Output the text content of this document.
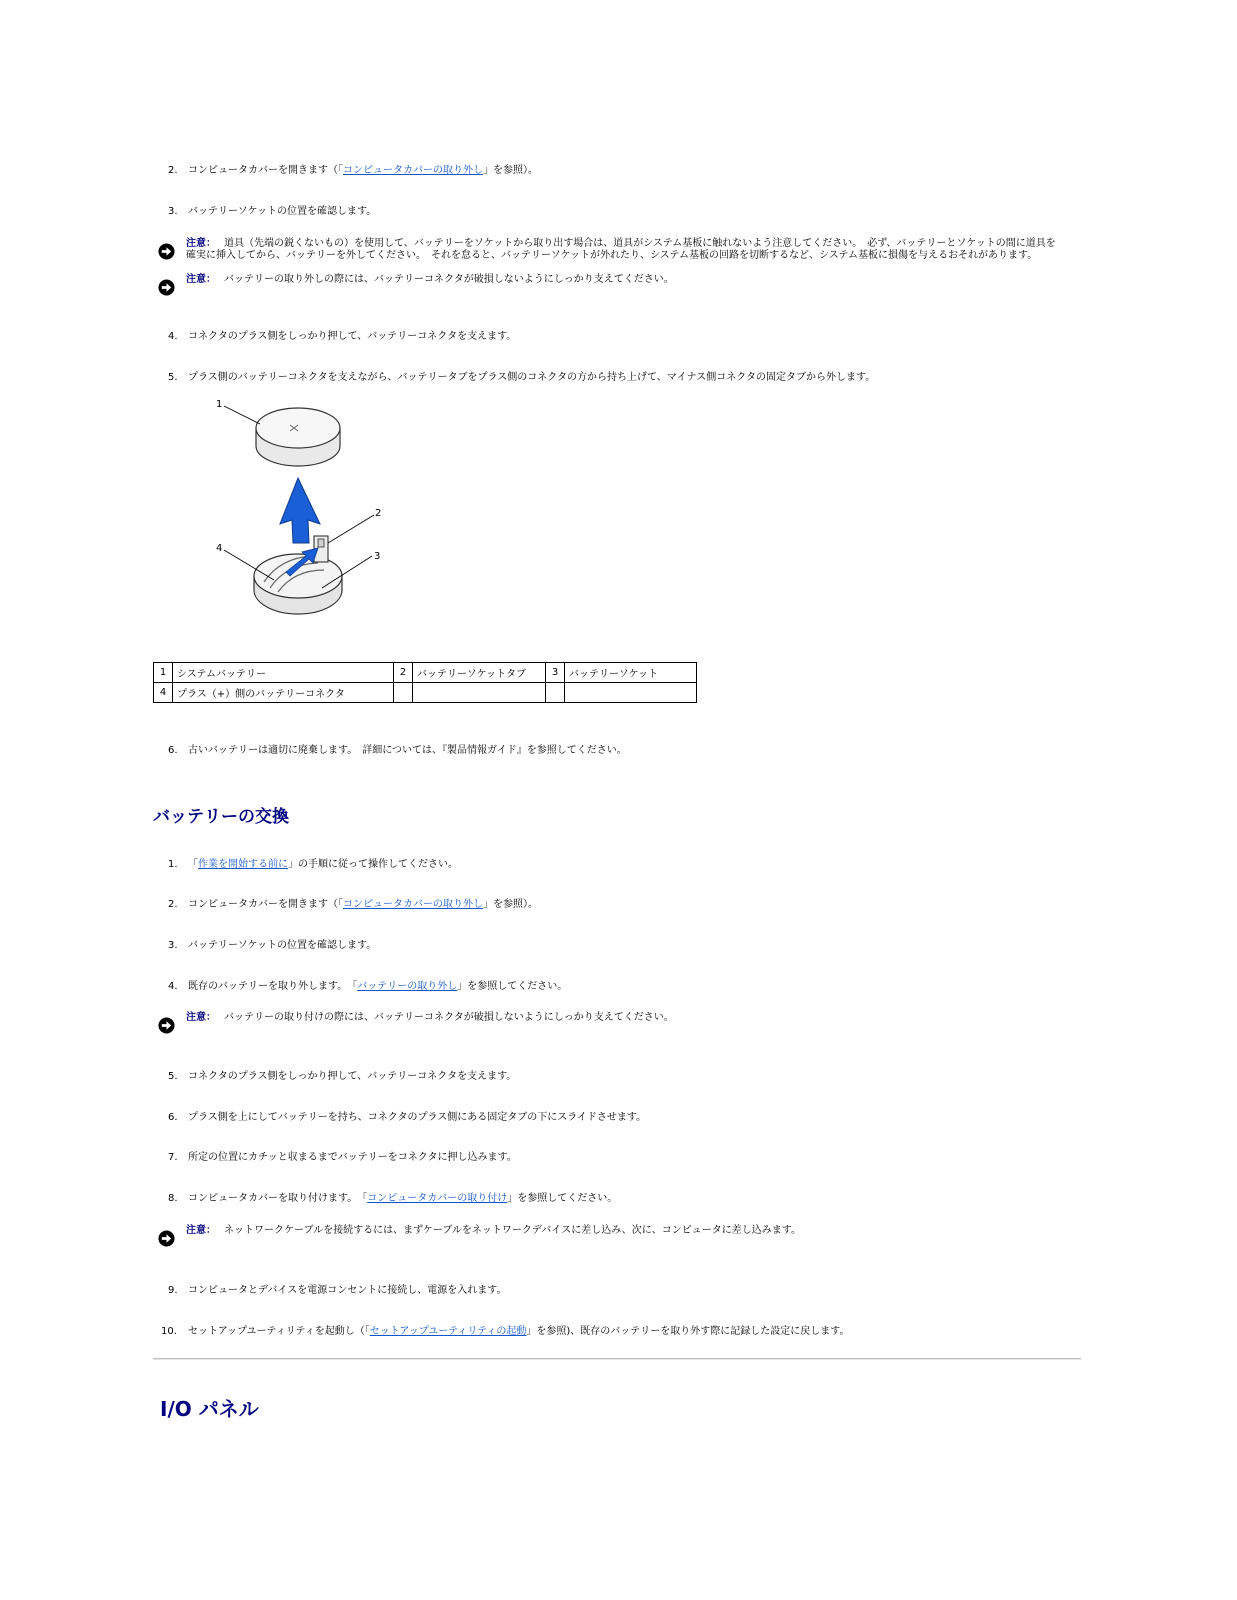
2. コンピュータカバーを開きます（「コンピュータカバーの取り外し」を参照）。
3. バッテリーソケットの位置を確認します。
注意： 道具（先端の鋭くないもの）を使用して、バッテリーをソケットから取り出す場合は、道具がシステム基板に触れないよう注意してください。　必ず、バッテリーとソケットの間に道具を確実に挿入してから、バッテリーを外してください。　それを怠ると、バッテリーソケットが外れたり、システム基板の回路を切断するなど、システム基板に損傷を与えるおそれがあります。
注意： バッテリーの取り外しの際には、バッテリーコネクタが破損しないようにしっかり支えてください。
4. コネクタのプラス側をしっかり押して、バッテリーコネクタを支えます。
5. プラス側のバッテリーコネクタを支えながら、バッテリータブをプラス側のコネクタの方から持ち上げて、マイナス側コネクタの固定タブから外します。
1
2
3
4
1	システムバッテリー	2	バッテリーソケットタブ	3	バッテリーソケット
4	プラス（+）側のバッテリーコネクタ				
6. 古いバッテリーは適切に廃棄します。　詳細については、『製品情報ガイド』を参照してください。
バッテリーの交換
1. 「作業を開始する前に」の手順に従って操作してください。
2. コンピュータカバーを開きます（「コンピュータカバーの取り外し」を参照）。
3. バッテリーソケットの位置を確認します。
4. 既存のバッテリーを取り外します。　「バッテリーの取り外し」を参照してください。
注意： バッテリーの取り付けの際には、バッテリーコネクタが破損しないようにしっかり支えてください。
5. コネクタのプラス側をしっかり押して、バッテリーコネクタを支えます。
6. プラス側を上にしてバッテリーを持ち、コネクタのプラス側にある固定タブの下にスライドさせます。
7. 所定の位置にカチッと収まるまでバッテリーをコネクタに押し込みます。
8. コンピュータカバーを取り付けます。　「コンピュータカバーの取り付け」を参照してください。
注意： ネットワークケーブルを接続するには、まずケーブルをネットワークデバイスに差し込み、次に、コンピュータに差し込みます。
9. コンピュータとデバイスを電源コンセントに接続し、電源を入れます。
10. セットアップユーティリティを起動し（「セットアップユーティリティの起動」を参照)、既存のバッテリーを取り外す際に記録した設定に戻します。
I/O パネル
